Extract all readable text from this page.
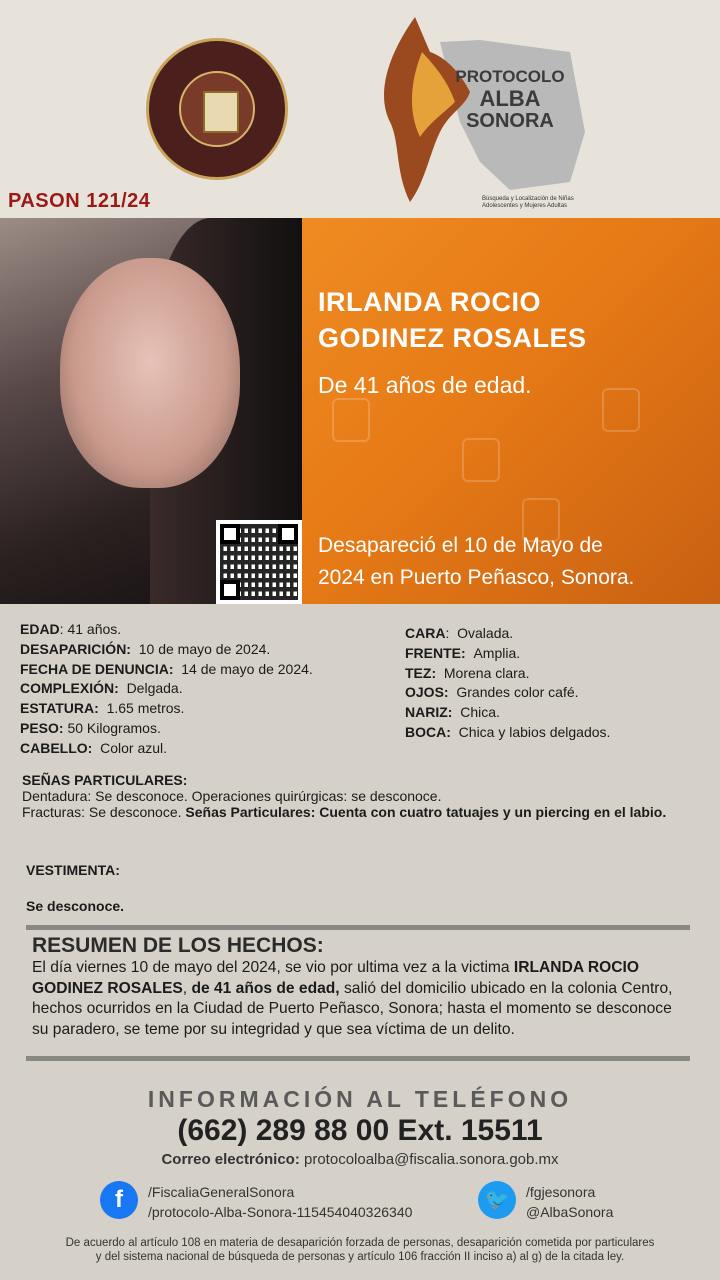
PASON 121/24
PROTOCOLO
ALBA
SONORA
Búsqueda y Localización de Niñas Adolescentes y Mujeres Adultas
IRLANDA ROCIO
GODINEZ ROSALES
De 41 años de edad.
Desapareció el 10 de Mayo de
2024 en Puerto Peñasco, Sonora.
EDAD: 41 años.
DESAPARICIÓN: 10 de mayo de 2024.
FECHA DE DENUNCIA: 14 de mayo de 2024.
COMPLEXIÓN: Delgada.
ESTATURA: 1.65 metros.
PESO: 50 Kilogramos.
CABELLO: Color azul.
CARA: Ovalada.
FRENTE: Amplia.
TEZ: Morena clara.
OJOS: Grandes color café.
NARIZ: Chica.
BOCA: Chica y labios delgados.
SEÑAS PARTICULARES:
Dentadura: Se desconoce. Operaciones quirúrgicas: se desconoce.
Fracturas: Se desconoce. Señas Particulares: Cuenta con cuatro tatuajes y un piercing en el labio.
VESTIMENTA:
Se desconoce.
RESUMEN DE LOS HECHOS:
El día viernes 10 de mayo del 2024, se vio por ultima vez a la victima IRLANDA ROCIO GODINEZ ROSALES, de 41 años de edad, salió del domicilio ubicado en la colonia Centro, hechos ocurridos en la Ciudad de Puerto Peñasco, Sonora; hasta el momento se desconoce su paradero, se teme por su integridad y que sea víctima de un delito.
INFORMACIÓN AL TELÉFONO
(662) 289 88 00 Ext. 15511
Correo electrónico: protocoloalba@fiscalia.sonora.gob.mx
f	/FiscaliaGeneralSonora
/protocolo-Alba-Sonora-115454040326340
🐦	/fgjesonora
@AlbaSonora
De acuerdo al artículo 108 en materia de desaparición forzada de personas, desaparición cometida por particulares
y del sistema nacional de búsqueda de personas y artículo 106 fracción II inciso a) al g) de la citada ley.
